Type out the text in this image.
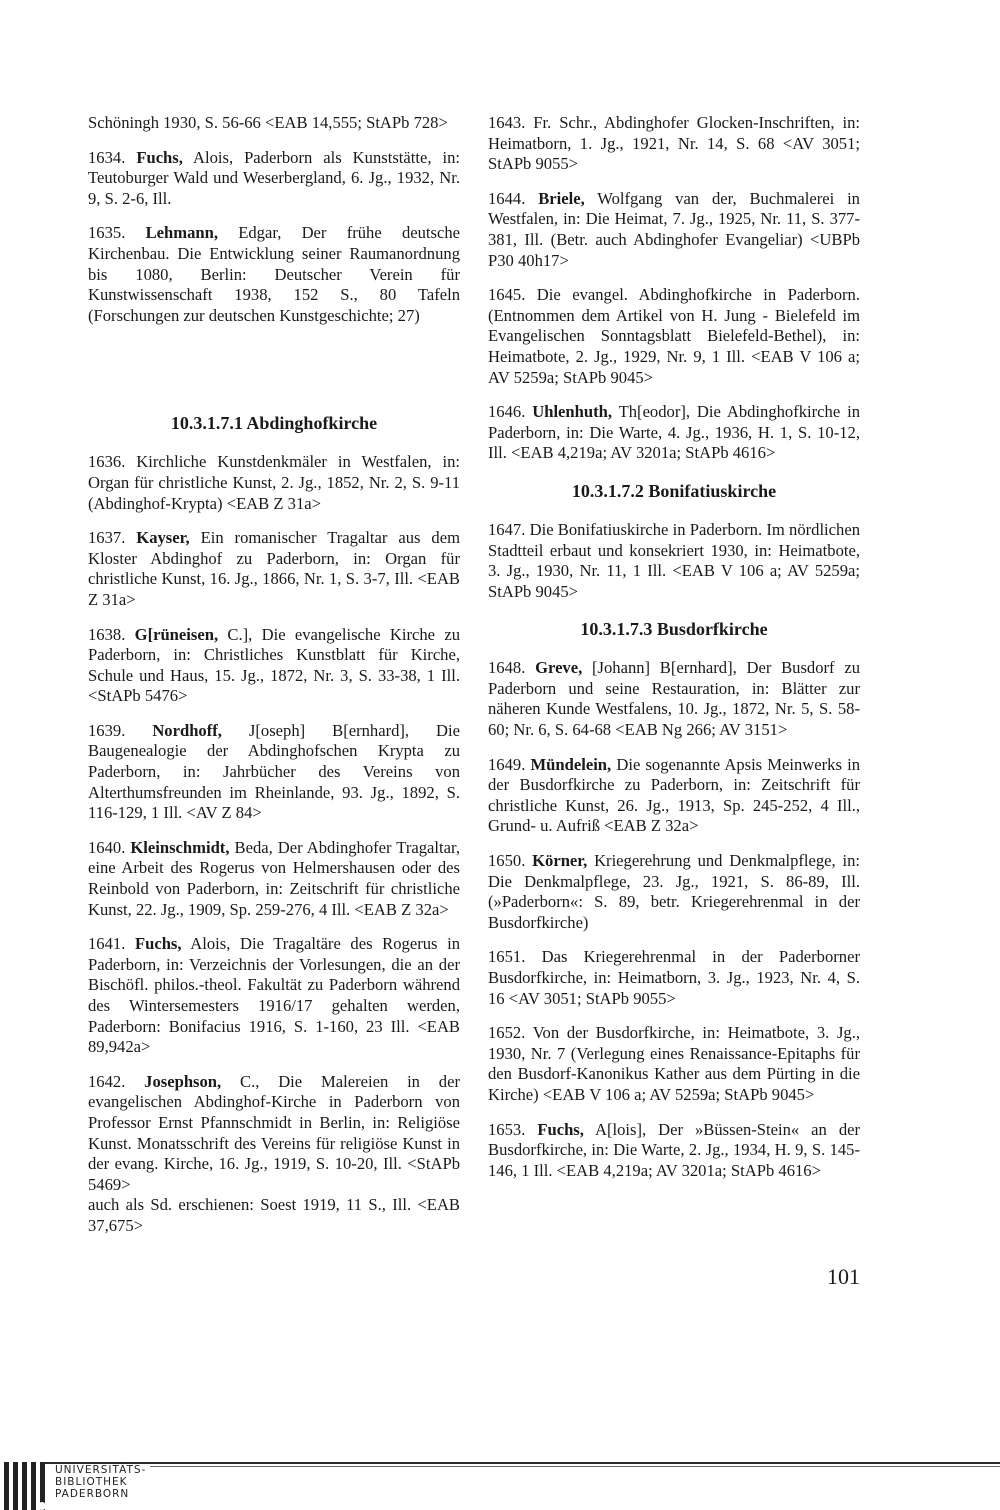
Schöningh 1930, S. 56-66 <EAB 14,555; StAPb 728>
1634. Fuchs, Alois, Paderborn als Kunststätte, in: Teutoburger Wald und Weserbergland, 6. Jg., 1932, Nr. 9, S. 2-6, Ill.
1635. Lehmann, Edgar, Der frühe deutsche Kirchenbau. Die Entwicklung seiner Raumanordnung bis 1080, Berlin: Deutscher Verein für Kunstwissenschaft 1938, 152 S., 80 Tafeln (Forschungen zur deutschen Kunstgeschichte; 27)
10.3.1.7.1 Abdinghofkirche
1636. Kirchliche Kunstdenkmäler in Westfalen, in: Organ für christliche Kunst, 2. Jg., 1852, Nr. 2, S. 9-11 (Abdinghof-Krypta) <EAB Z 31a>
1637. Kayser, Ein romanischer Tragaltar aus dem Kloster Abdinghof zu Paderborn, in: Organ für christliche Kunst, 16. Jg., 1866, Nr. 1, S. 3-7, Ill. <EAB Z 31a>
1638. G[rüneisen, C.], Die evangelische Kirche zu Paderborn, in: Christliches Kunstblatt für Kirche, Schule und Haus, 15. Jg., 1872, Nr. 3, S. 33-38, 1 Ill. <StAPb 5476>
1639. Nordhoff, J[oseph] B[ernhard], Die Baugenealogie der Abdinghofschen Krypta zu Paderborn, in: Jahrbücher des Vereins von Alterthumsfreunden im Rheinlande, 93. Jg., 1892, S. 116-129, 1 Ill. <AV Z 84>
1640. Kleinschmidt, Beda, Der Abdinghofer Tragaltar, eine Arbeit des Rogerus von Helmershausen oder des Reinbold von Paderborn, in: Zeitschrift für christliche Kunst, 22. Jg., 1909, Sp. 259-276, 4 Ill. <EAB Z 32a>
1641. Fuchs, Alois, Die Tragaltäre des Rogerus in Paderborn, in: Verzeichnis der Vorlesungen, die an der Bischöfl. philos.-theol. Fakultät zu Paderborn während des Wintersemesters 1916/17 gehalten werden, Paderborn: Bonifacius 1916, S. 1-160, 23 Ill. <EAB 89,942a>
1642. Josephson, C., Die Malereien in der evangelischen Abdinghof-Kirche in Paderborn von Professor Ernst Pfannschmidt in Berlin, in: Religiöse Kunst. Monatsschrift des Vereins für religiöse Kunst in der evang. Kirche, 16. Jg., 1919, S. 10-20, Ill. <StAPb 5469>
auch als Sd. erschienen: Soest 1919, 11 S., Ill. <EAB 37,675>
1643. Fr. Schr., Abdinghofer Glocken-Inschriften, in: Heimatborn, 1. Jg., 1921, Nr. 14, S. 68 <AV 3051; StAPb 9055>
1644. Briele, Wolfgang van der, Buchmalerei in Westfalen, in: Die Heimat, 7. Jg., 1925, Nr. 11, S. 377-381, Ill. (Betr. auch Abdinghofer Evangeliar) <UBPb P30 40h17>
1645. Die evangel. Abdinghofkirche in Paderborn. (Entnommen dem Artikel von H. Jung - Bielefeld im Evangelischen Sonntagsblatt Bielefeld-Bethel), in: Heimatbote, 2. Jg., 1929, Nr. 9, 1 Ill. <EAB V 106 a; AV 5259a; StAPb 9045>
1646. Uhlenhuth, Th[eodor], Die Abdinghofkirche in Paderborn, in: Die Warte, 4. Jg., 1936, H. 1, S. 10-12, Ill. <EAB 4,219a; AV 3201a; StAPb 4616>
10.3.1.7.2 Bonifatiuskirche
1647. Die Bonifatiuskirche in Paderborn. Im nördlichen Stadtteil erbaut und konsekriert 1930, in: Heimatbote, 3. Jg., 1930, Nr. 11, 1 Ill. <EAB V 106 a; AV 5259a; StAPb 9045>
10.3.1.7.3 Busdorfkirche
1648. Greve, [Johann] B[ernhard], Der Busdorf zu Paderborn und seine Restauration, in: Blätter zur näheren Kunde Westfalens, 10. Jg., 1872, Nr. 5, S. 58-60; Nr. 6, S. 64-68 <EAB Ng 266; AV 3151>
1649. Mündelein, Die sogenannte Apsis Meinwerks in der Busdorfkirche zu Paderborn, in: Zeitschrift für christliche Kunst, 26. Jg., 1913, Sp. 245-252, 4 Ill., Grund- u. Aufriß <EAB Z 32a>
1650. Körner, Kriegerehrung und Denkmalpflege, in: Die Denkmalpflege, 23. Jg., 1921, S. 86-89, Ill. (»Paderborn«: S. 89, betr. Kriegerehrenmal in der Busdorfkirche)
1651. Das Kriegerehrenmal in der Paderborner Busdorfkirche, in: Heimatborn, 3. Jg., 1923, Nr. 4, S. 16 <AV 3051; StAPb 9055>
1652. Von der Busdorfkirche, in: Heimatbote, 3. Jg., 1930, Nr. 7 (Verlegung eines Renaissance-Epitaphs für den Busdorf-Kanonikus Kather aus dem Pürting in die Kirche) <EAB V 106 a; AV 5259a; StAPb 9045>
1653. Fuchs, A[lois], Der »Büssen-Stein« an der Busdorfkirche, in: Die Warte, 2. Jg., 1934, H. 9, S. 145-146, 1 Ill. <EAB 4,219a; AV 3201a; StAPb 4616>
101
UNIVERSITÄTS-
BIBLIOTHEK
PADERBORN
